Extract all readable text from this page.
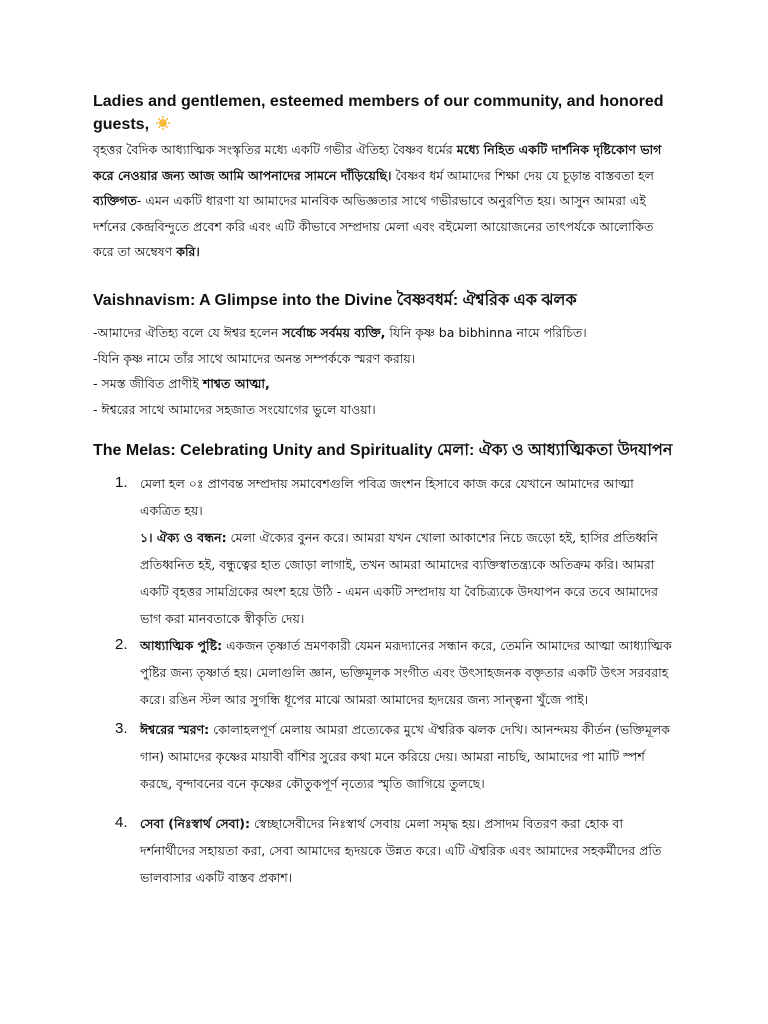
Ladies and gentlemen, esteemed members of our community, and honored guests,

বৃহত্তর বৈদিক আধ্যাত্মিক সংস্কৃতির মধ্যে একটি গভীর ঐতিহ্য বৈষ্ণব ধর্মের মধ্যে নিহিত একটি দার্শনিক দৃষ্টিকোণ ভাগ করে নেওয়ার জন্য আজ আমি আপনাদের সামনে দাঁড়িয়েছি। বৈষ্ণব ধর্ম আমাদের শিক্ষা দেয় যে চূড়ান্ত বাস্তবতা হল ব্যক্তিগত- এমন একটি ধারণা যা আমাদের মানবিক অভিজ্ঞতার সাথে গভীরভাবে অনুরণিত হয়। আসুন আমরা এই দর্শনের কেন্দ্রবিন্দুতে প্রবেশ করি এবং এটি কীভাবে সম্প্রদায় মেলা এবং বইমেলা আয়োজনের তাৎপর্যকে আলোকিত করে তা অম্বেষণ করি।

Vaishnavism: A Glimpse into the Divine বৈষ্ণবধর্ম: ঐশ্বরিক এক ঝলক
-আমাদের ঐতিহ্য বলে যে ঈশ্বর হলেন সর্বোচ্চ সর্বময় ব্যক্তি, যিনি কৃষ্ণ ba bibhinna নামে পরিচিত।
-যিনি কৃষ্ণ নামে তাঁর সাথে আমাদের অনন্ত সম্পর্ককে স্মরণ করায়।
- সমস্ত জীবিত প্রাণীই শাশ্বত আত্মা,
- ঈশ্বরের সাথে আমাদের সহজাত সংযোগের ভুলে যাওয়া।
The Melas: Celebrating Unity and Spirituality মেলা: ঐক্য ও আধ্যাত্মিকতা উদযাপন
1. মেলা হল ০ঃ প্রাণবন্ত সম্প্রদায় সমাবেশগুলি পবিত্র জংশন হিসাবে কাজ করে যেখানে আমাদের আত্মা একত্রিত হয়।
১। ঐক্য ও বন্ধন: মেলা ঐক্যের বুনন করে। আমরা যখন খোলা আকাশের নিচে জড়ো হই, হাসির প্রতিধ্বনি প্রতিধ্বনিত হই, বন্ধুত্বের হাত জোড়া লাগাই, তখন আমরা আমাদের ব্যক্তিস্বাতন্ত্র্যকে অতিক্রম করি। আমরা একটি বৃহত্তর সামগ্রিকের অংশ হয়ে উঠি - এমন একটি সম্প্রদায় যা বৈচিত্র্যকে উদযাপন করে তবে আমাদের ভাগ করা মানবতাকে স্বীকৃতি দেয়।

2. আধ্যাত্মিক পুষ্টি: একজন তৃষ্ণার্ত ভ্রমণকারী যেমন মরূদ্যানের সন্ধান করে, তেমনি আমাদের আত্মা আধ্যাত্মিক পুষ্টির জন্য তৃষ্ণার্ত হয়। মেলাগুলি জ্ঞান, ভক্তিমূলক সংগীত এবং উৎসাহজনক বক্তৃতার একটি উৎস সরবরাহ করে। রঙিন স্টল আর সুগন্ধি ধূপের মাঝে আমরা আমাদের হৃদয়ের জন্য সান্ত্বনা খুঁজে পাই।

3. ঈশ্বরের স্মরণ: কোলাহলপূর্ণ মেলায় আমরা প্রত্যেকের মুখে ঐশ্বরিক ঝলক দেখি। আনন্দময় কীর্তন (ভক্তিমূলক গান) আমাদের কৃষ্ণের মায়াবী বাঁশির সুরের কথা মনে করিয়ে দেয়। আমরা নাচছি, আমাদের পা মাটি স্পর্শ করছে, বৃন্দাবনের বনে কৃষ্ণের কৌতুকপূর্ণ নৃত্যের স্মৃতি জাগিয়ে তুলছে।

4. সেবা (নিঃস্বার্থ সেবা): স্বেচ্ছাসেবীদের নিঃস্বার্থ সেবায় মেলা সমৃদ্ধ হয়। প্রসাদম বিতরণ করা হোক বা দর্শনার্থীদের সহায়তা করা, সেবা আমাদের হৃদয়কে উন্নত করে। এটি ঐশ্বরিক এবং আমাদের সহকর্মীদের প্রতি ভালবাসার একটি বাস্তব প্রকাশ।
